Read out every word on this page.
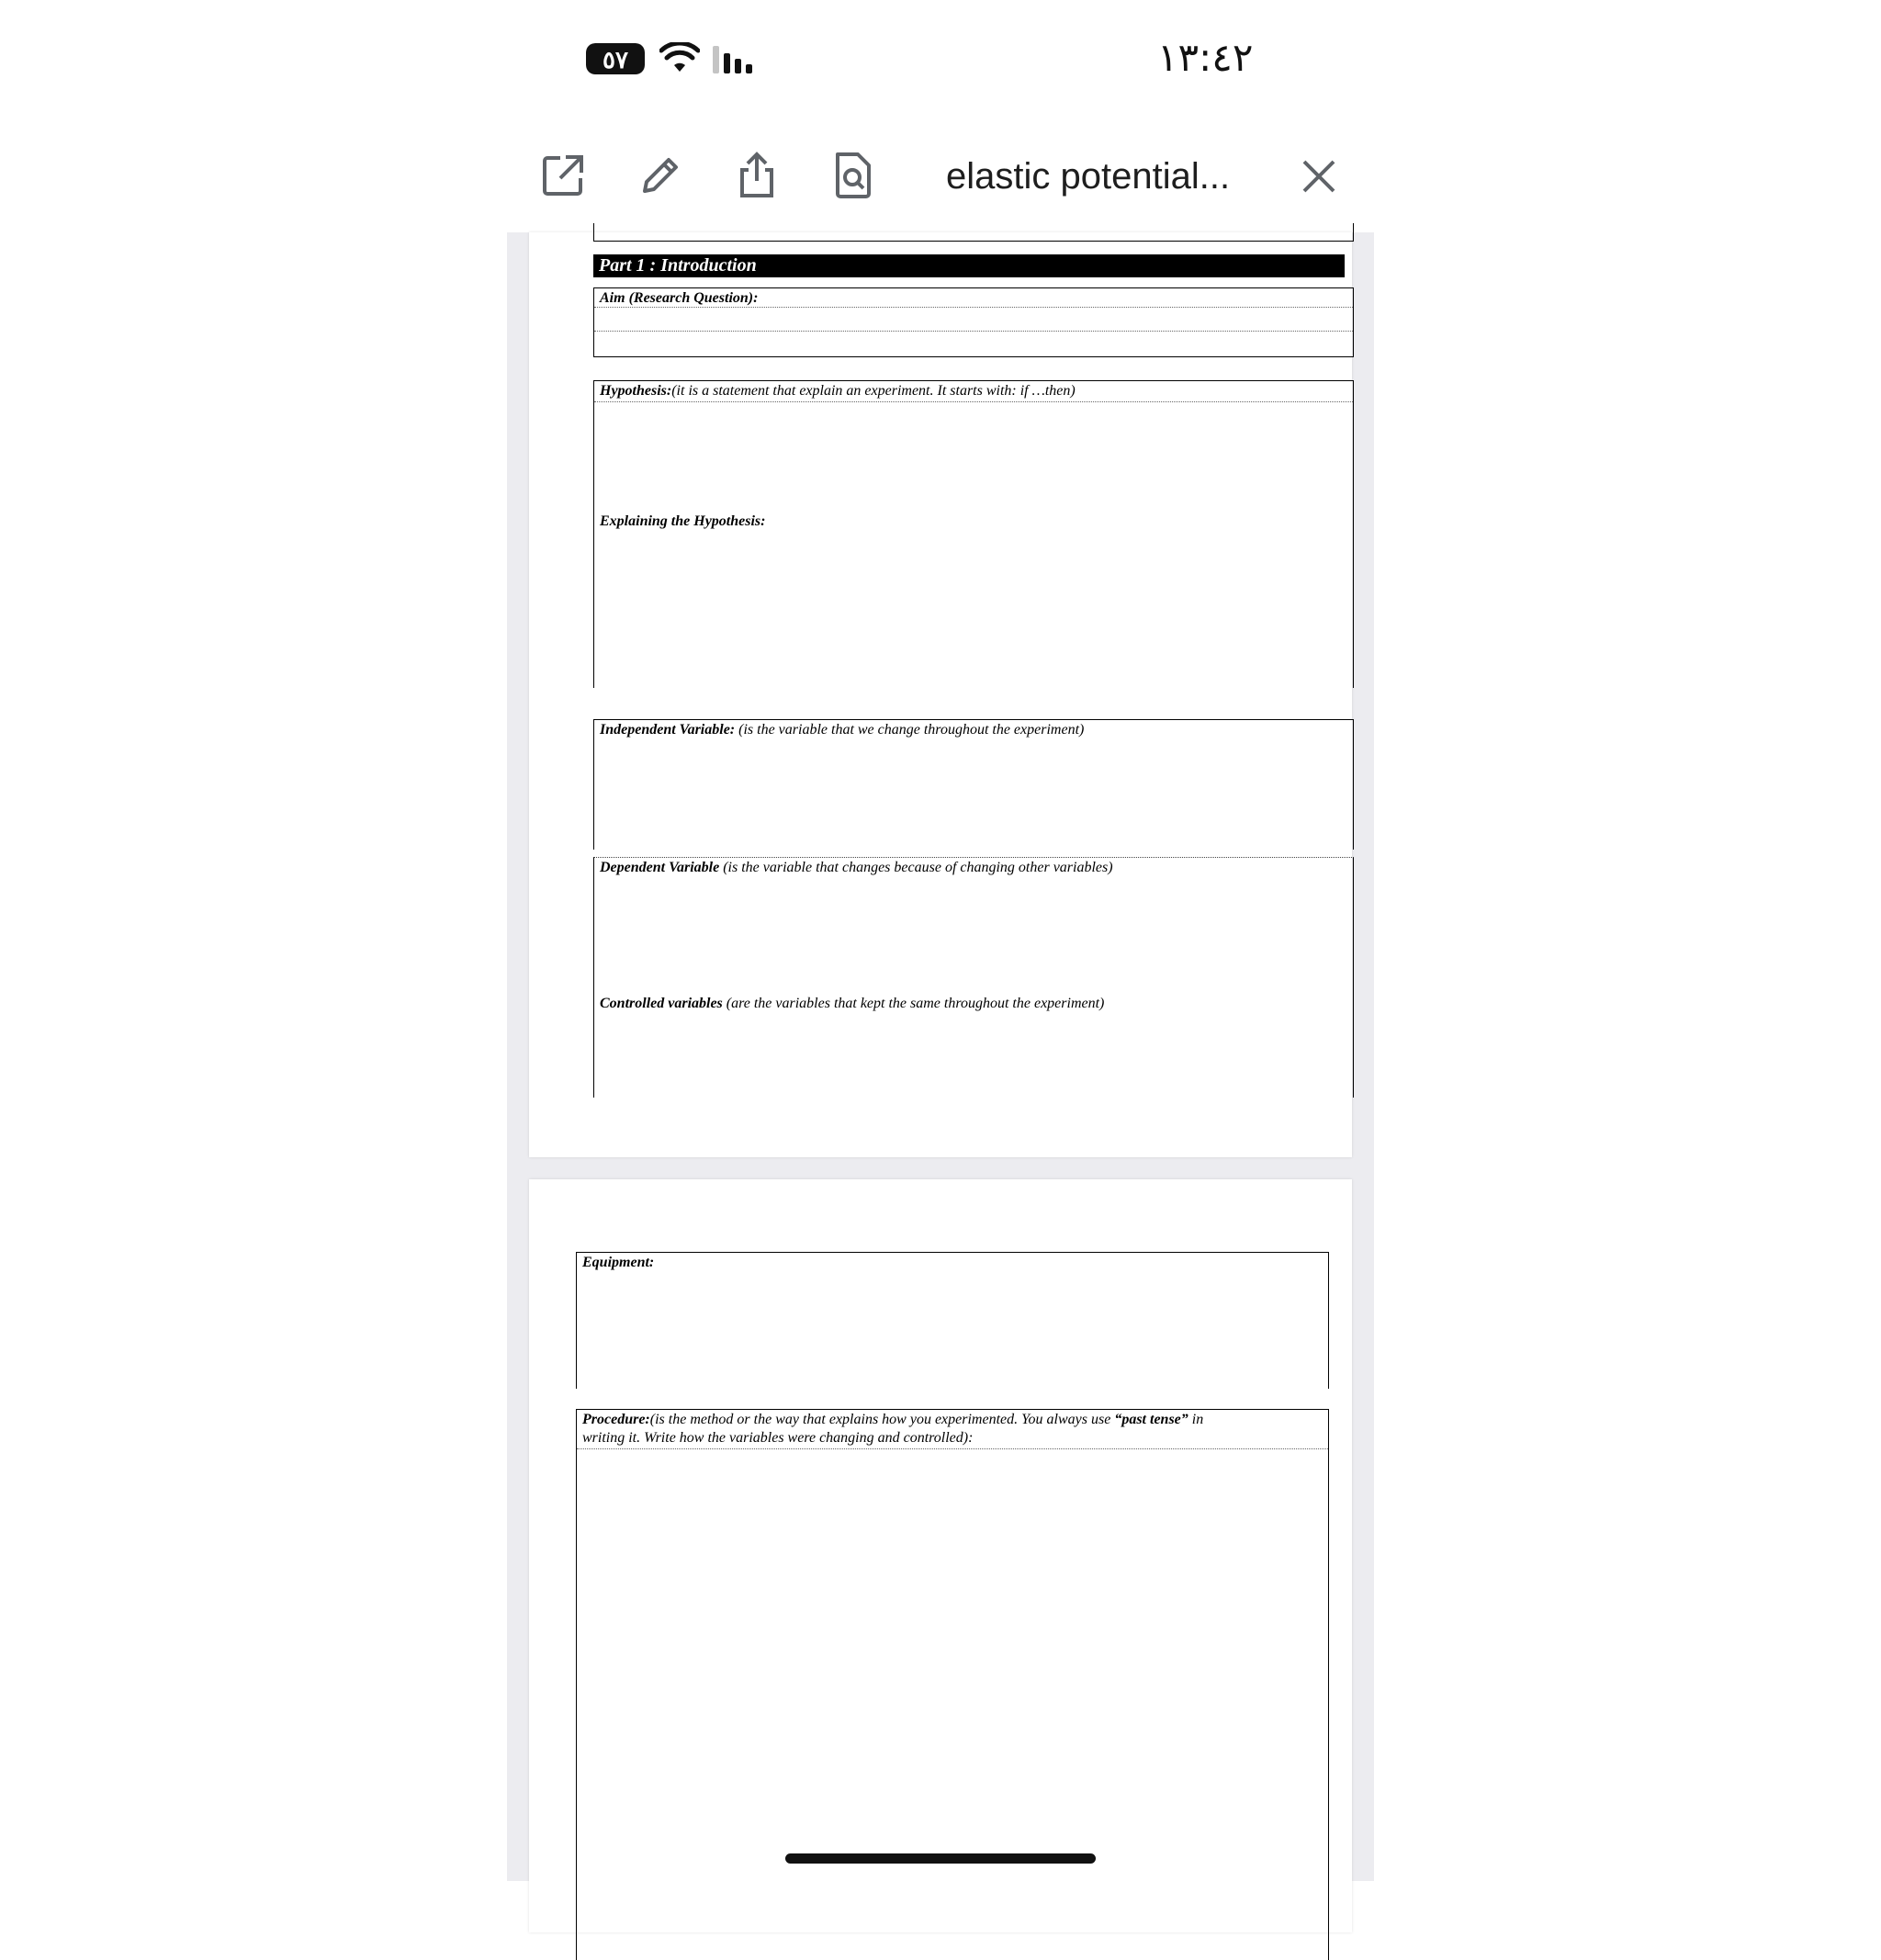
٥٧	١٣:٤٢
elastic potential...
Part 1 : Introduction
Aim (Research Question):
Hypothesis:(it is a statement that explain an experiment. It starts with: if …then)
Explaining the Hypothesis:
Independent Variable: (is the variable that we change throughout the experiment)
Dependent Variable (is the variable that changes because of changing other variables)
Controlled variables (are the variables that kept the same throughout the experiment)
Equipment:
Procedure:(is the method or the way that explains how you experimented. You always use “past tense” in
writing it. Write how the variables were changing and controlled):
